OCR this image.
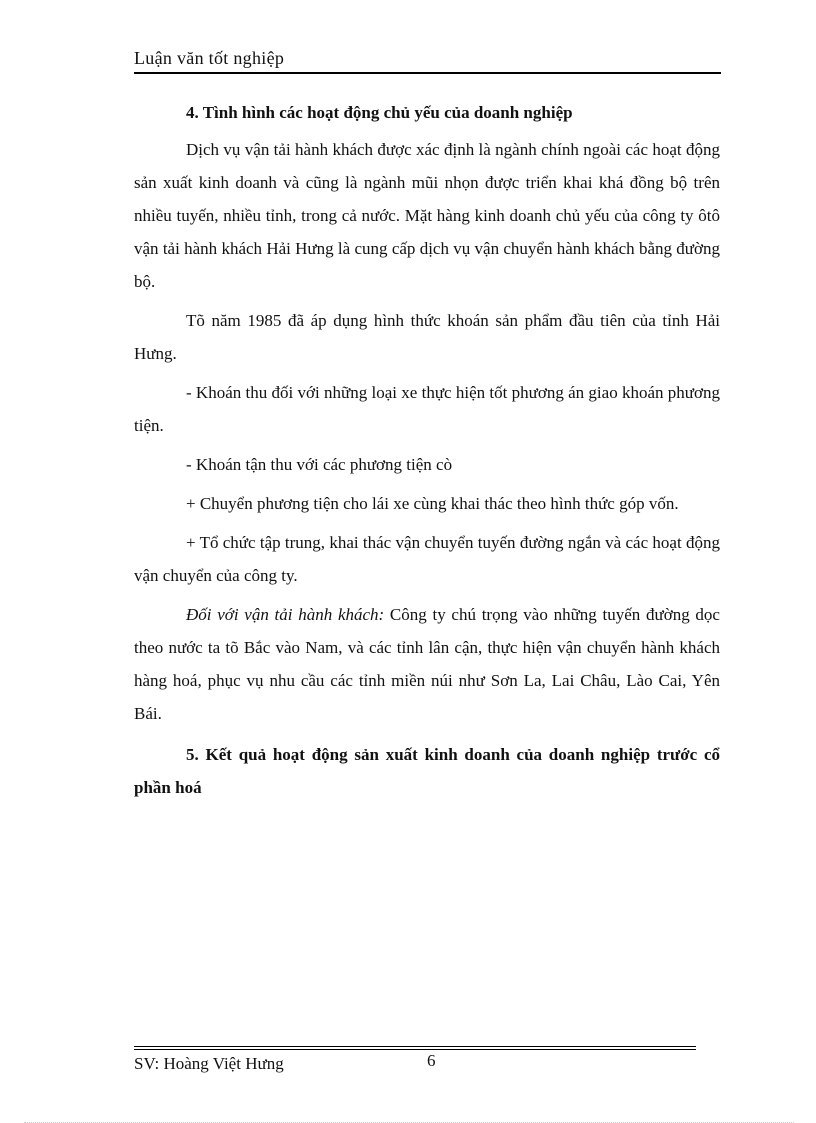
Luận văn tốt nghiệp

4. Tình hình các hoạt động chủ yếu của doanh nghiệp

Dịch vụ vận tải hành khách được xác định là ngành chính ngoài các hoạt động sản xuất kinh doanh và cũng là ngành mũi nhọn được triển khai khá đồng bộ trên nhiều tuyến, nhiều tỉnh, trong cả nước. Mặt hàng kinh doanh chủ yếu của công ty ôtô vận tải hành khách Hải Hưng là cung cấp dịch vụ vận chuyển hành khách bằng đường bộ.

Tõ năm 1985 đã áp dụng hình thức khoán sản phẩm đầu tiên của tỉnh Hải Hưng.

- Khoán thu đối với những loại xe thực hiện tốt phương án giao khoán phương tiện.

- Khoán tận thu với các phương tiện cò

+ Chuyển phương tiện cho lái xe cùng khai thác theo hình thức góp vốn.

+ Tổ chức tập trung, khai thác vận chuyển tuyến đường ngắn và các hoạt động vận chuyển của công ty.

Đối với vận tải hành khách: Công ty chú trọng vào những tuyến đường dọc theo nước ta tõ Bắc vào Nam, và các tỉnh lân cận, thực hiện vận chuyển hành khách hàng hoá, phục vụ nhu cầu các tỉnh miền núi như Sơn La, Lai Châu, Lào Cai, Yên Bái.

5. Kết quả hoạt động sản xuất kinh doanh của doanh nghiệp trước cổ phần hoá

SV: Hoàng Việt Hưng	6
